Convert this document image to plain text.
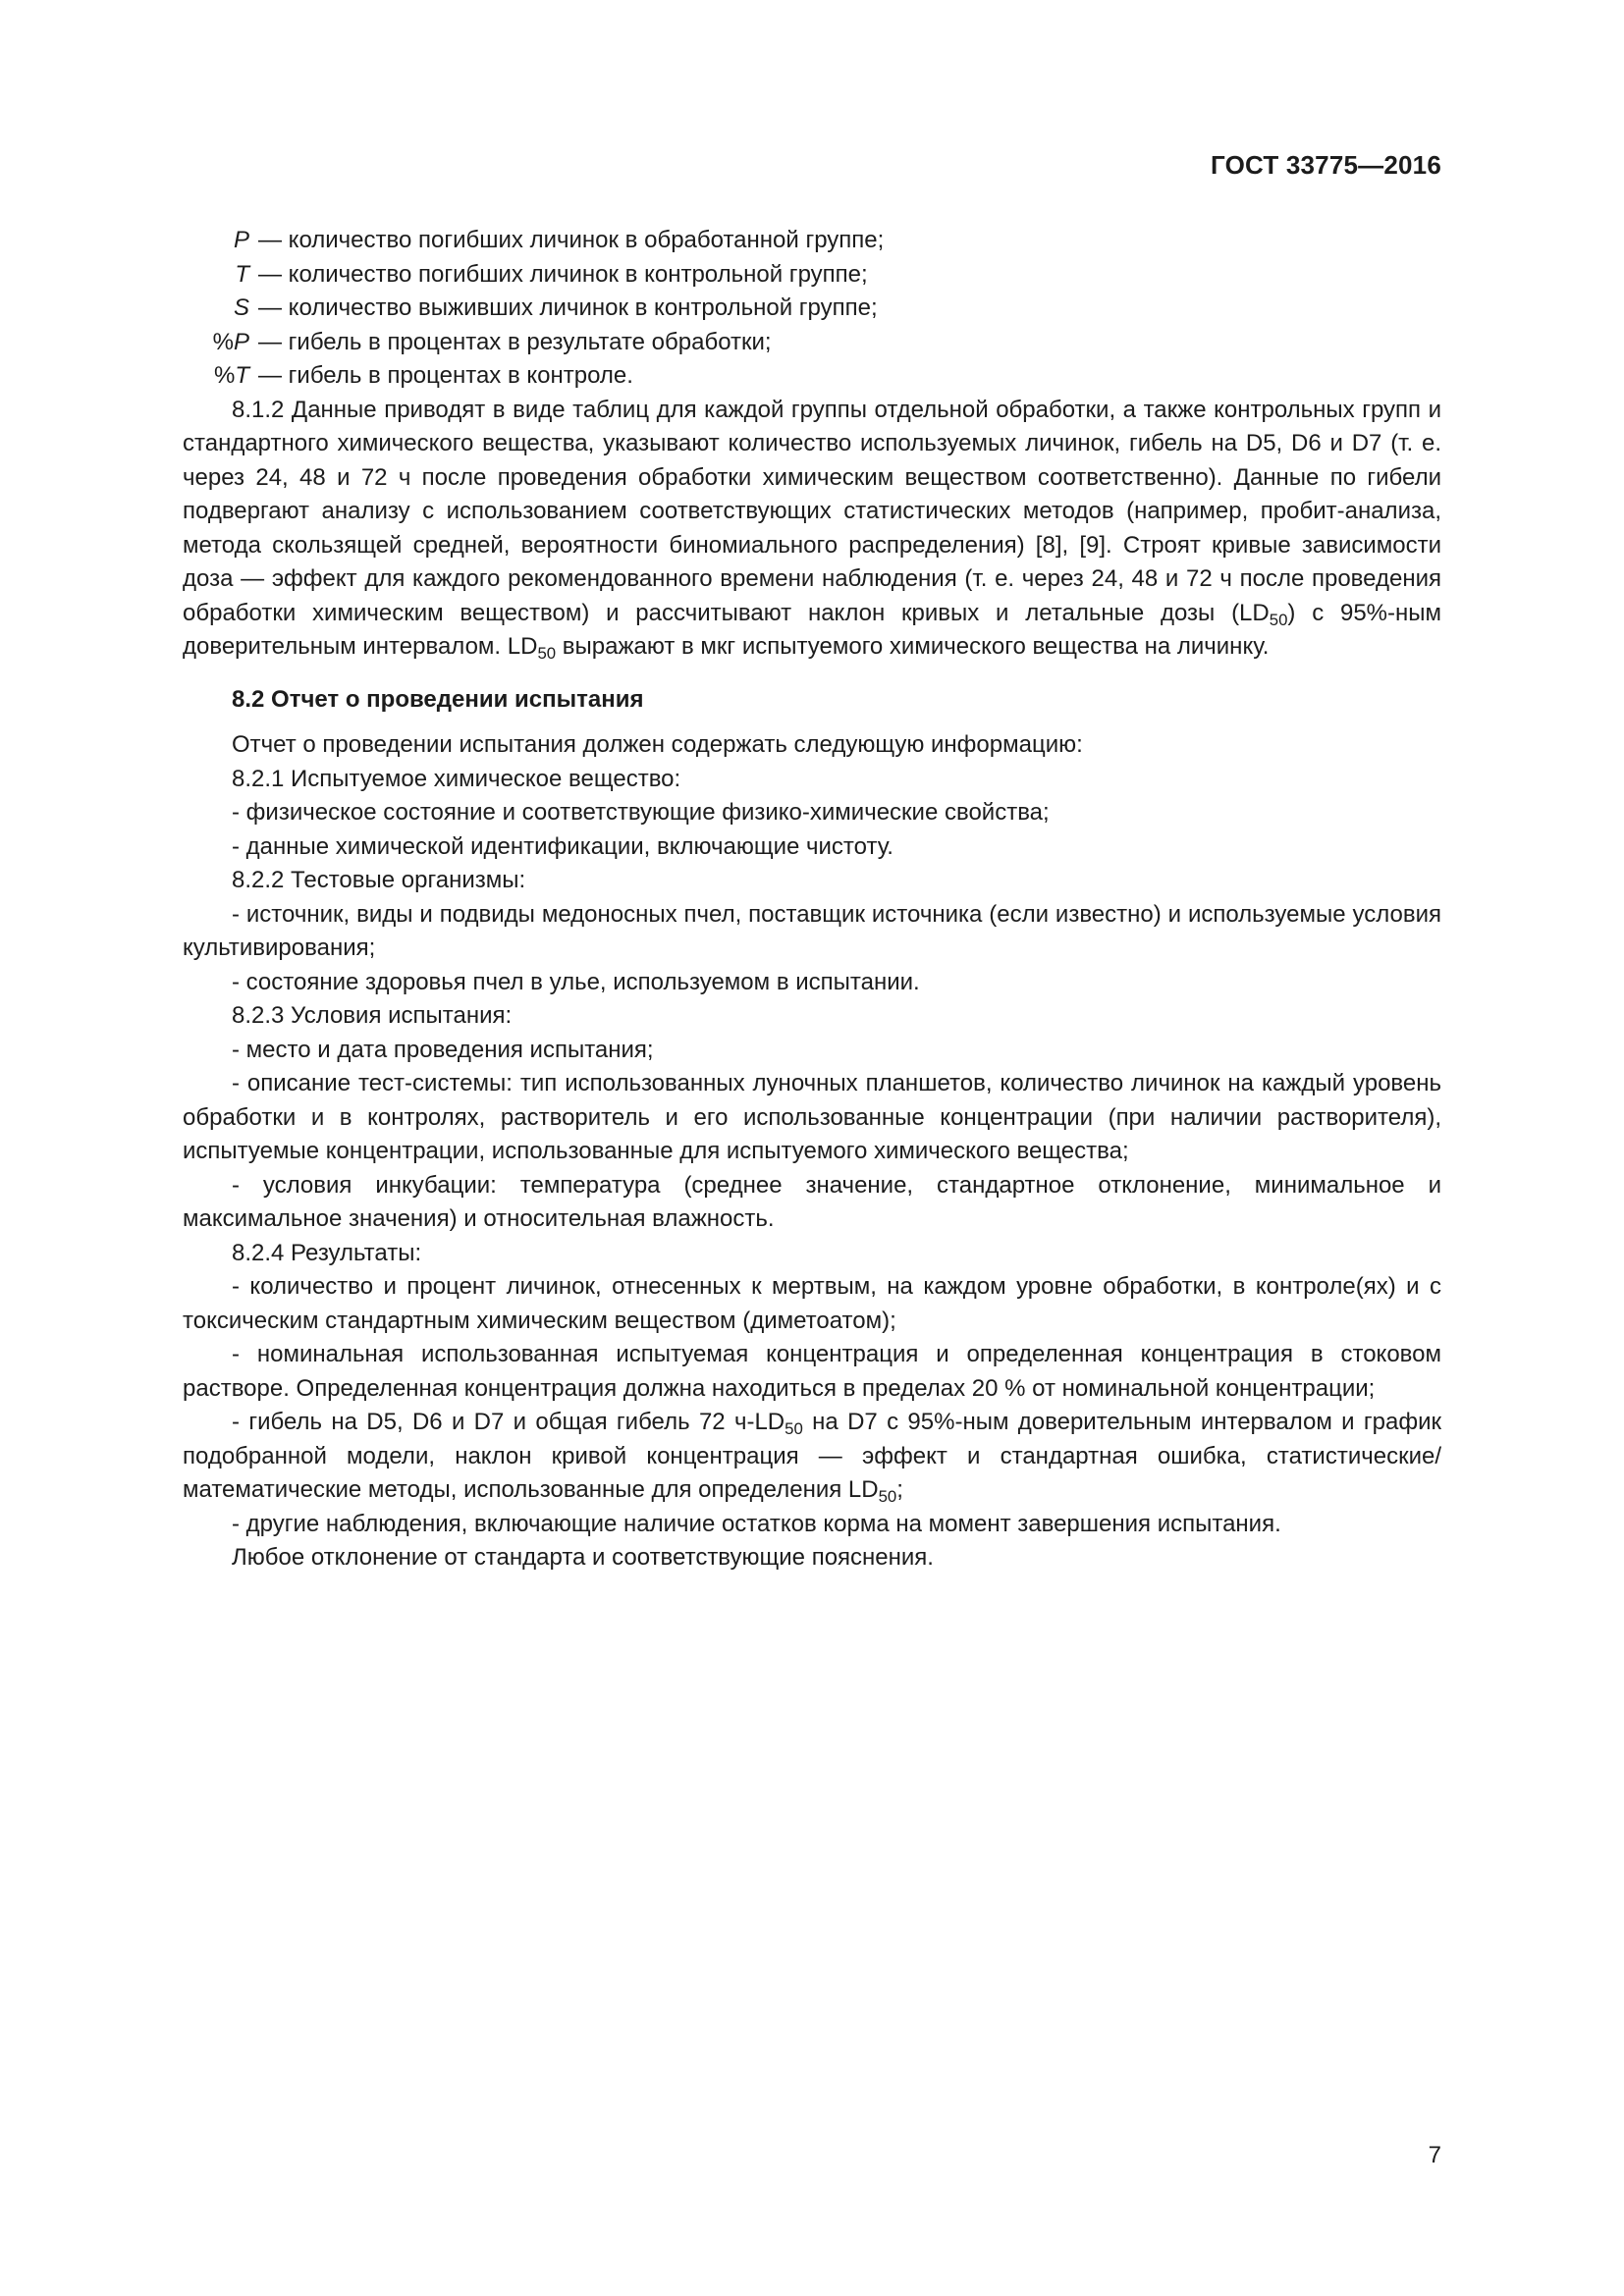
ГОСТ 33775—2016
P — количество погибших личинок в обработанной группе;
T — количество погибших личинок в контрольной группе;
S — количество выживших личинок в контрольной группе;
%P — гибель в процентах в результате обработки;
%T — гибель в процентах в контроле.

8.1.2 Данные приводят в виде таблиц для каждой группы отдельной обработки, а также контрольных групп и стандартного химического вещества, указывают количество используемых личинок, гибель на D5, D6 и D7 (т. е. через 24, 48 и 72 ч после проведения обработки химическим веществом соответственно). Данные по гибели подвергают анализу с использованием соответствующих статистических методов (например, пробит-анализа, метода скользящей средней, вероятности биномиального распределения) [8], [9]. Строят кривые зависимости доза — эффект для каждого рекомендованного времени наблюдения (т. е. через 24, 48 и 72 ч после проведения обработки химическим веществом) и рассчитывают наклон кривых и летальные дозы $(LD_{50})$ с 95%-ным доверительным интервалом. $LD_{50}$ выражают в мкг испытуемого химического вещества на личинку.

8.2 Отчет о проведении испытания

Отчет о проведении испытания должен содержать следующую информацию:

8.2.1 Испытуемое химическое вещество:

- физическое состояние и соответствующие физико-химические свойства;

- данные химической идентификации, включающие чистоту.

8.2.2 Тестовые организмы:

- источник, виды и подвиды медоносных пчел, поставщик источника (если известно) и используемые условия культивирования;

- состояние здоровья пчел в улье, используемом в испытании.

8.2.3 Условия испытания:

- место и дата проведения испытания;

- описание тест-системы: тип использованных луночных планшетов, количество личинок на каждый уровень обработки и в контролях, растворитель и его использованные концентрации (при наличии растворителя), испытуемые концентрации, использованные для испытуемого химического вещества;

- условия инкубации: температура (среднее значение, стандартное отклонение, минимальное и максимальное значения) и относительная влажность.

8.2.4 Результаты:

- количество и процент личинок, отнесенных к мертвым, на каждом уровне обработки, в контроле(ях) и с токсическим стандартным химическим веществом (диметоатом);

- номинальная использованная испытуемая концентрация и определенная концентрация в стоковом растворе. Определенная концентрация должна находиться в пределах 20 % от номинальной концентрации;

- гибель на D5, D6 и D7 и общая гибель 72 $ч-LD_{50}$ на D7 с 95%-ным доверительным интервалом и график подобранной модели, наклон кривой концентрация — эффект и стандартная ошибка, статистические/математические методы, использованные для определения $LD_{50}$;

- другие наблюдения, включающие наличие остатков корма на момент завершения испытания.

Любое отклонение от стандарта и соответствующие пояснения.

7
